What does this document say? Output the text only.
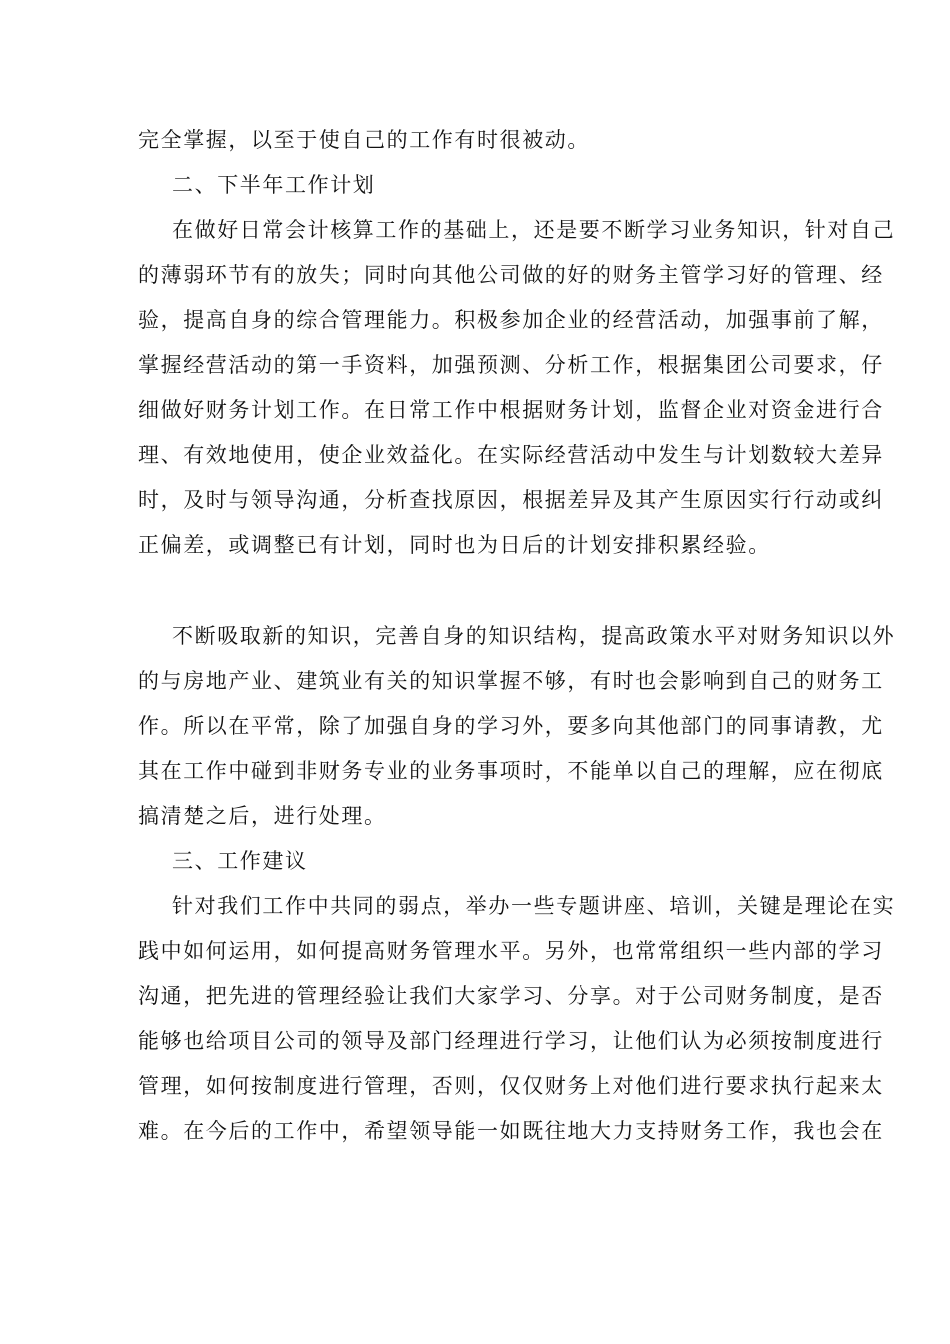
完全掌握，以至于使自己的工作有时很被动。
二、下半年工作计划
在做好日常会计核算工作的基础上，还是要不断学习业务知识，针对自己
的薄弱环节有的放失；同时向其他公司做的好的财务主管学习好的管理、经
验，提高自身的综合管理能力。积极参加企业的经营活动，加强事前了解，
掌握经营活动的第一手资料，加强预测、分析工作，根据集团公司要求，仔
细做好财务计划工作。在日常工作中根据财务计划，监督企业对资金进行合
理、有效地使用，使企业效益化。在实际经营活动中发生与计划数较大差异
时，及时与领导沟通，分析查找原因，根据差异及其产生原因实行行动或纠
正偏差，或调整已有计划，同时也为日后的计划安排积累经验。
不断吸取新的知识，完善自身的知识结构，提高政策水平对财务知识以外
的与房地产业、建筑业有关的知识掌握不够，有时也会影响到自己的财务工
作。所以在平常，除了加强自身的学习外，要多向其他部门的同事请教，尤
其在工作中碰到非财务专业的业务事项时，不能单以自己的理解，应在彻底
搞清楚之后，进行处理。
三、工作建议
针对我们工作中共同的弱点，举办一些专题讲座、培训，关键是理论在实
践中如何运用，如何提高财务管理水平。另外，也常常组织一些内部的学习
沟通，把先进的管理经验让我们大家学习、分享。对于公司财务制度，是否
能够也给项目公司的领导及部门经理进行学习，让他们认为必须按制度进行
管理，如何按制度进行管理，否则，仅仅财务上对他们进行要求执行起来太
难。在今后的工作中，希望领导能一如既往地大力支持财务工作，我也会在
